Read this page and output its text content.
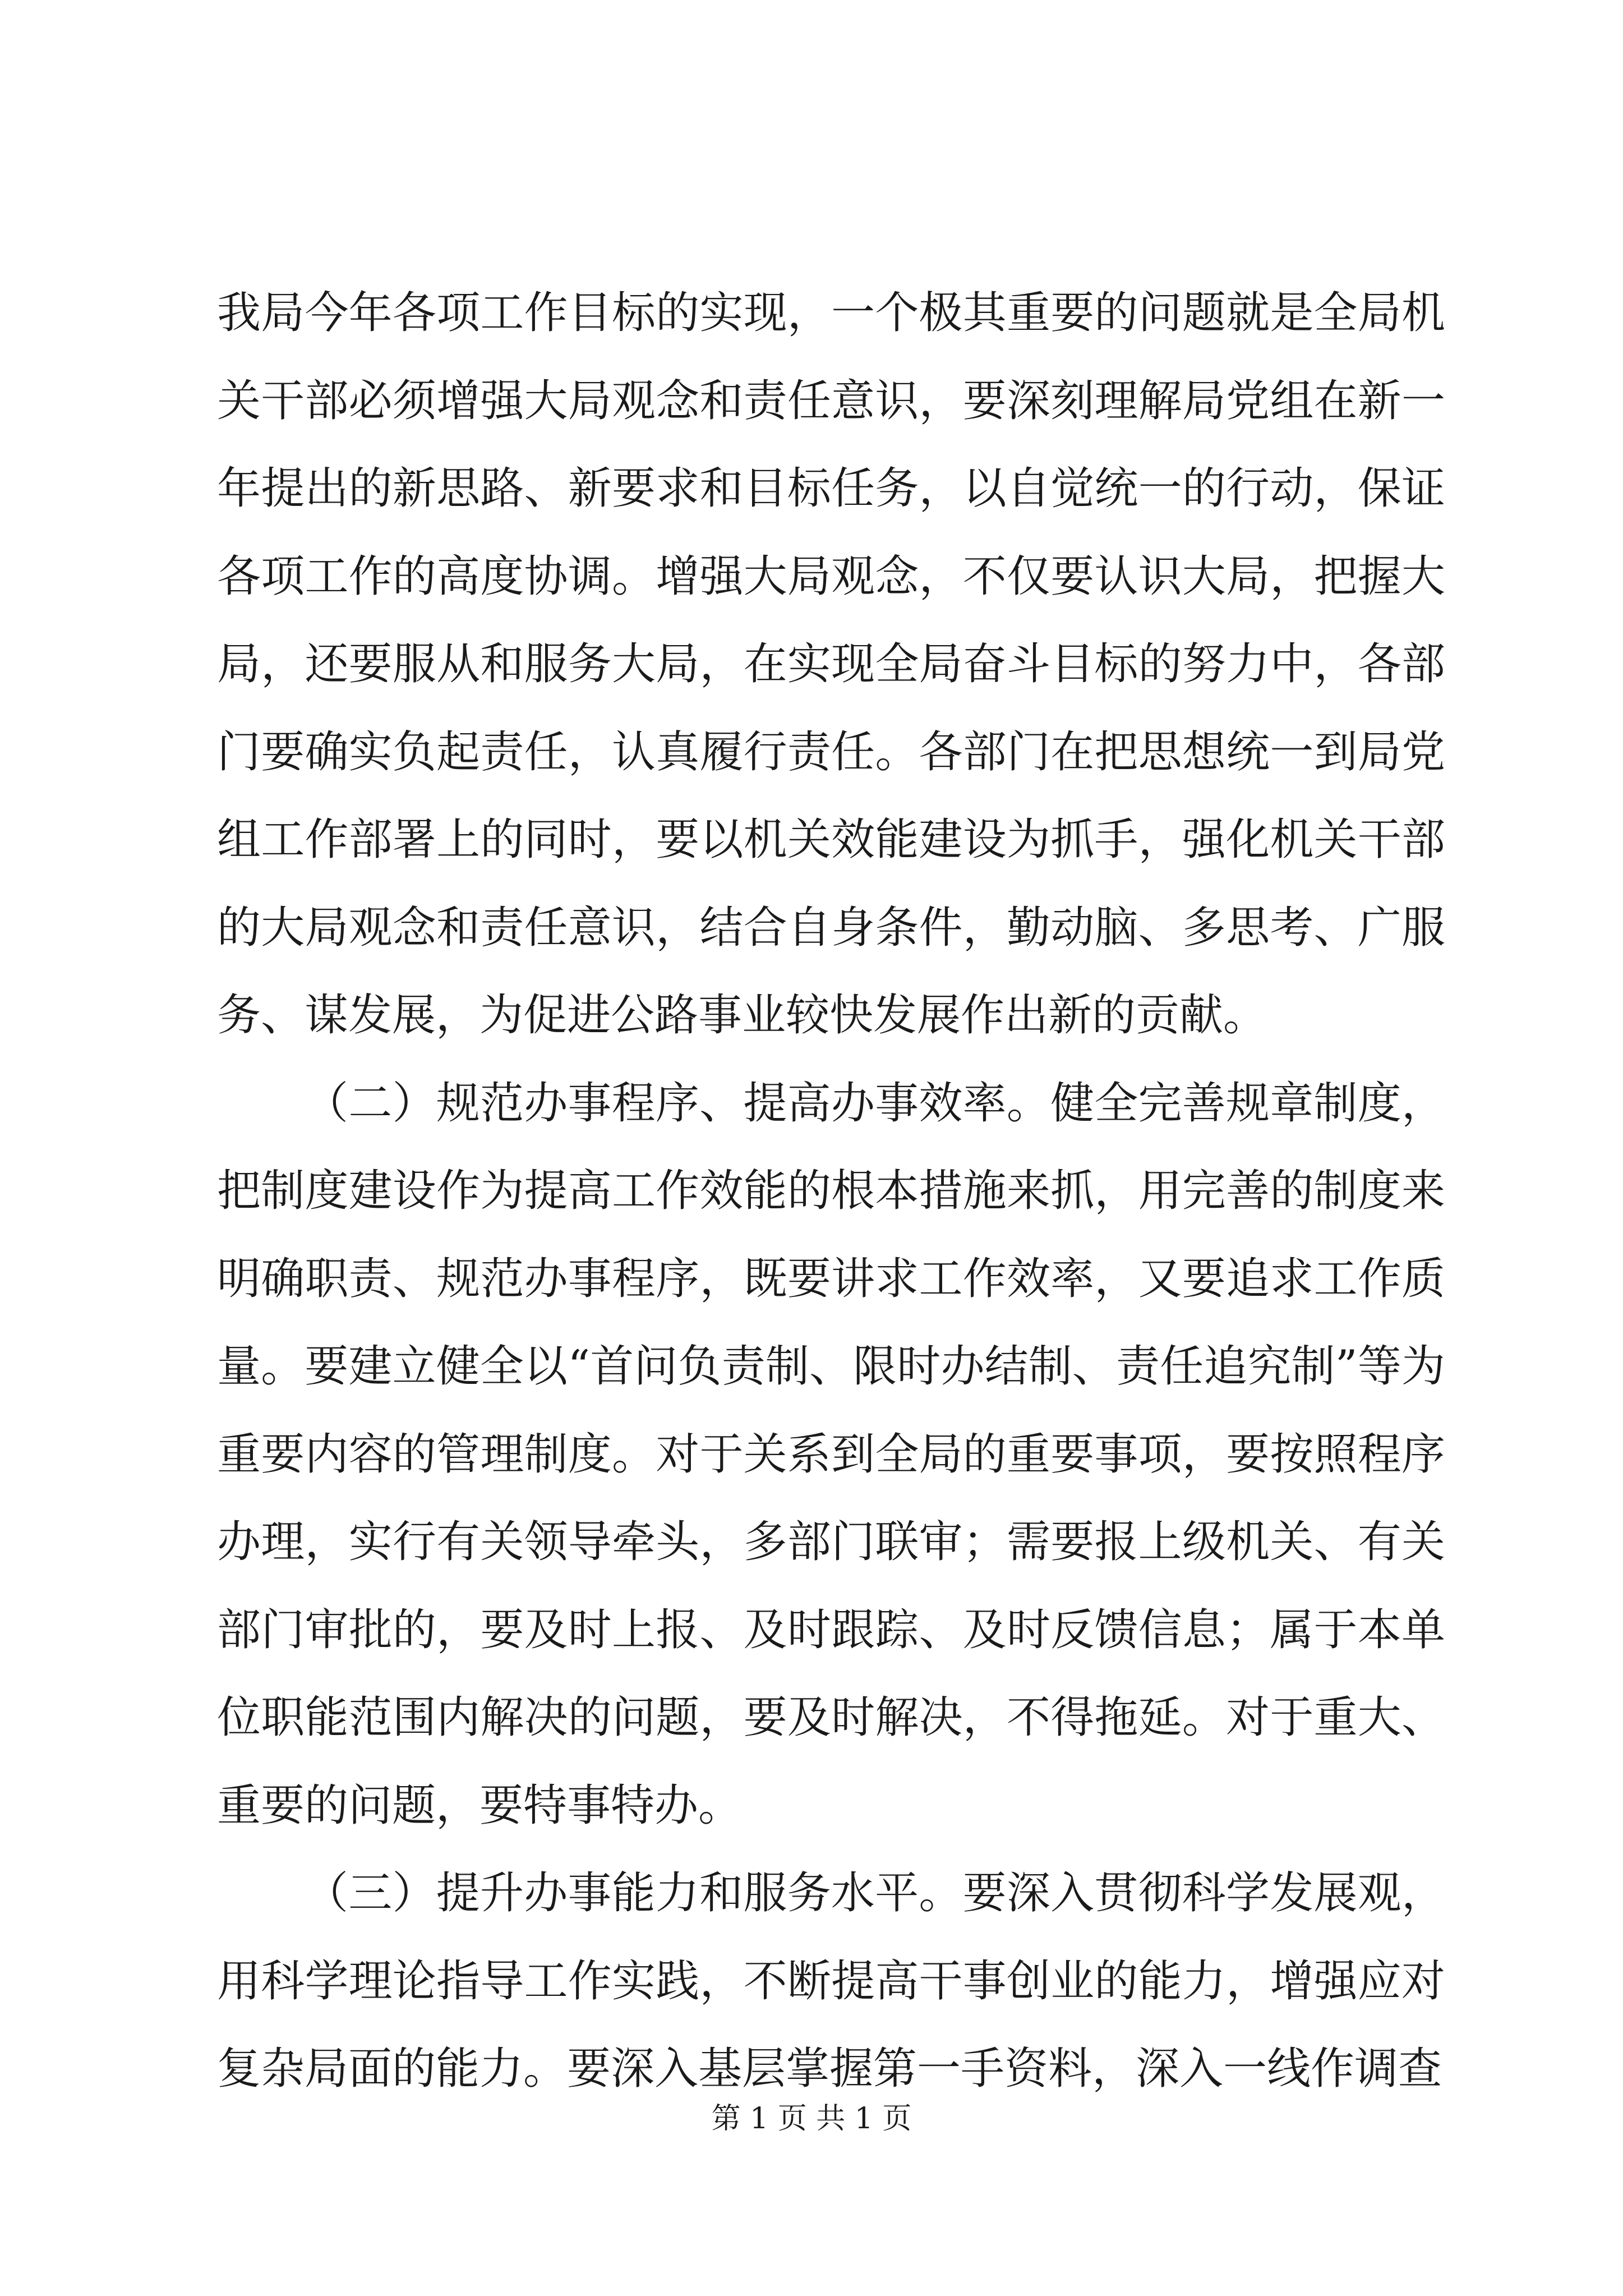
我局今年各项工作目标的实现，一个极其重要的问题就是全局机关干部必须增强大局观念和责任意识，要深刻理解局党组在新一年提出的新思路、新要求和目标任务，以自觉统一的行动，保证各项工作的高度协调。增强大局观念，不仅要认识大局，把握大局，还要服从和服务大局，在实现全局奋斗目标的努力中，各部门要确实负起责任，认真履行责任。各部门在把思想统一到局党组工作部署上的同时，要以机关效能建设为抓手，强化机关干部的大局观念和责任意识，结合自身条件，勤动脑、多思考、广服务、谋发展，为促进公路事业较快发展作出新的贡献。

（二）规范办事程序、提高办事效率。健全完善规章制度，把制度建设作为提高工作效能的根本措施来抓，用完善的制度来明确职责、规范办事程序，既要讲求工作效率，又要追求工作质量。要建立健全以“首问负责制、限时办结制、责任追究制”等为重要内容的管理制度。对于关系到全局的重要事项，要按照程序办理，实行有关领导牵头，多部门联审；需要报上级机关、有关部门审批的，要及时上报、及时跟踪、及时反馈信息；属于本单位职能范围内解决的问题，要及时解决，不得拖延。对于重大、重要的问题，要特事特办。

（三）提升办事能力和服务水平。要深入贯彻科学发展观，用科学理论指导工作实践，不断提高干事创业的能力，增强应对复杂局面的能力。要深入基层掌握第一手资料，深入一线作调查

第 1 页 共 1 页
